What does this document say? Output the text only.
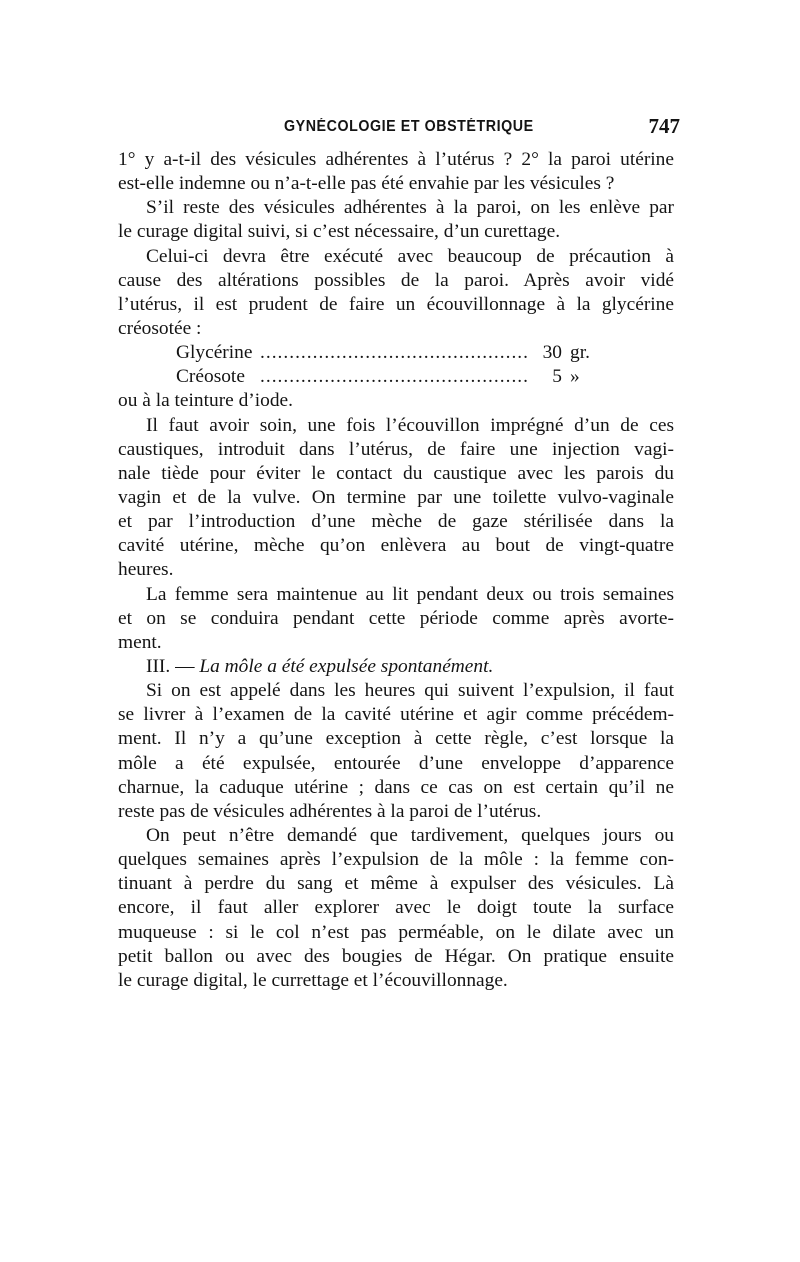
GYNÉCOLOGIE ET OBSTÉTRIQUE	747
1° y a-t-il des vésicules adhérentes à l’utérus ? 2° la paroi utérine
est-elle indemne ou n’a-t-elle pas été envahie par les vésicules ?
S’il reste des vésicules adhérentes à la paroi, on les enlève par
le curage digital suivi, si c’est nécessaire, d’un curettage.
Celui-ci devra être exécuté avec beaucoup de précaution à
cause des altérations possibles de la paroi. Après avoir vidé
l’utérus, il est prudent de faire un écouvillonnage à la glycérine
créosotée :
Glycérine .............................................. 30 gr.
Créosote ..............................................	5 »
ou à la teinture d’iode.
Il faut avoir soin, une fois l’écouvillon imprégné d’un de ces
caustiques, introduit dans l’utérus, de faire une injection vagi-
nale tiède pour éviter le contact du caustique avec les parois du
vagin et de la vulve. On termine par une toilette vulvo-vaginale
et par l’introduction d’une mèche de gaze stérilisée dans la
cavité utérine, mèche qu’on enlèvera au bout de vingt-quatre
heures.
La femme sera maintenue au lit pendant deux ou trois semaines
et on se conduira pendant cette période comme après avorte-
ment.
III. — La môle a été expulsée spontanément.
Si on est appelé dans les heures qui suivent l’expulsion, il faut
se livrer à l’examen de la cavité utérine et agir comme précédem-
ment. Il n’y a qu’une exception à cette règle, c’est lorsque la
môle a été expulsée, entourée d’une enveloppe d’apparence
charnue, la caduque utérine ; dans ce cas on est certain qu’il ne
reste pas de vésicules adhérentes à la paroi de l’utérus.
On peut n’être demandé que tardivement, quelques jours ou
quelques semaines après l’expulsion de la môle : la femme con-
tinuant à perdre du sang et même à expulser des vésicules. Là
encore, il faut aller explorer avec le doigt toute la surface
muqueuse : si le col n’est pas perméable, on le dilate avec un
petit ballon ou avec des bougies de Hégar. On pratique ensuite
le curage digital, le currettage et l’écouvillonnage.
